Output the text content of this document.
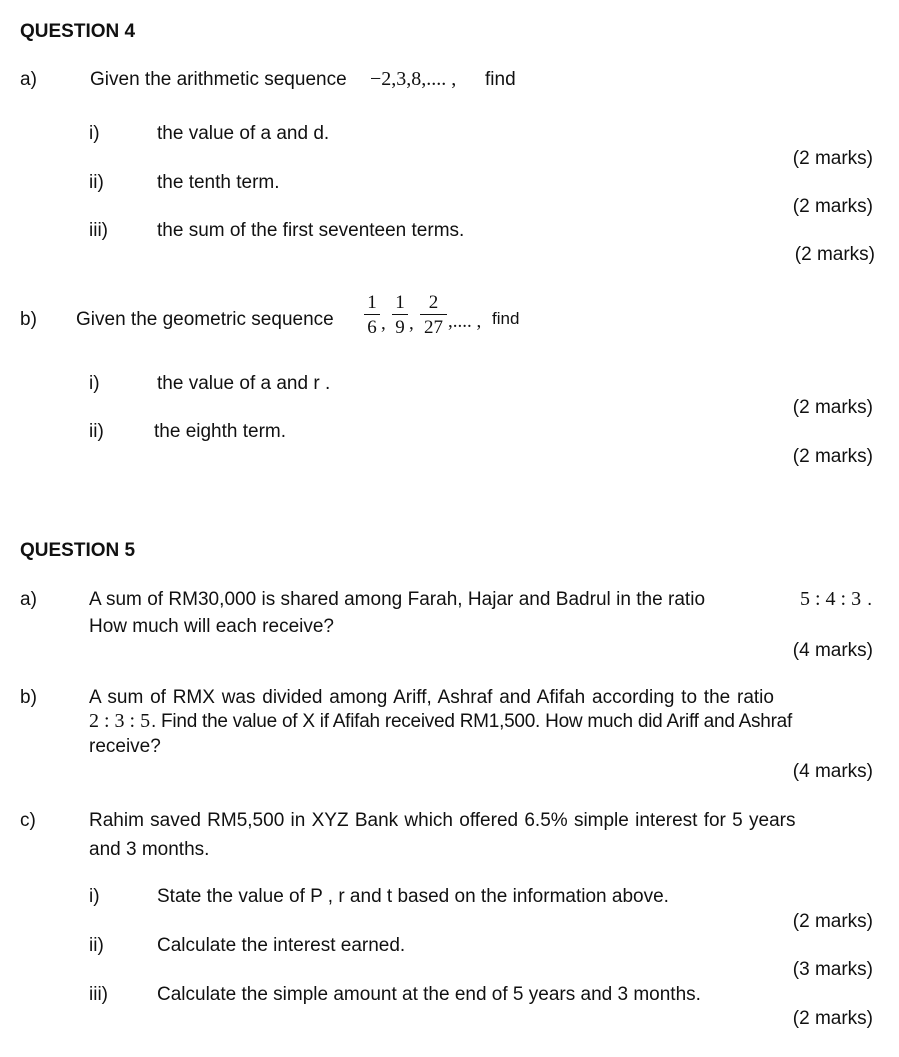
QUESTION 4
a)	Given the arithmetic sequence −2,3,8,.... , find
i)	the value of a and d.
(2 marks)
ii)	the tenth term.
(2 marks)
iii)	the sum of the first seventeen terms.
(2 marks)
b) Given the geometric sequence $\frac{1}{6}$ , $\frac{1}{9}$ , $\frac{2}{27}$ ,.... , find
i)	the value of a and r .
(2 marks)
ii)	the eighth term.
(2 marks)
QUESTION 5
a)	A sum of RM30,000 is shared among Farah, Hajar and Badrul in the ratio	5 : 4 : 3 .
How much will each receive?
(4 marks)
b)	A sum of RMX was divided among Ariff, Ashraf and Afifah according to the ratio
2 : 3 : 5 . Find the value of X if Afifah received RM1,500. How much did Ariff and Ashraf
receive?
(4 marks)
c)	Rahim saved RM5,500 in XYZ Bank which offered 6.5% simple interest for 5 years
and 3 months.
i)	State the value of P , r and t based on the information above.
(2 marks)
ii)	Calculate the interest earned.
(3 marks)
iii)	Calculate the simple amount at the end of 5 years and 3 months.
(2 marks)
